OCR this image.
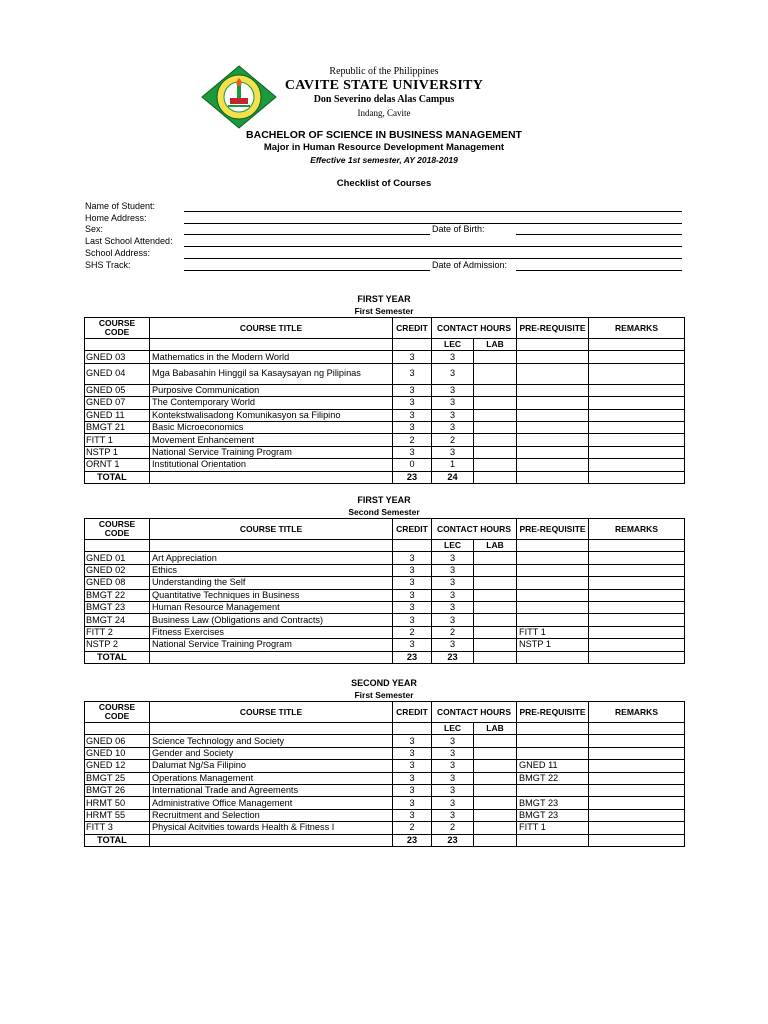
Republic of the Philippines
CAVITE STATE UNIVERSITY
Don Severino delas Alas Campus
Indang, Cavite
BACHELOR OF SCIENCE IN BUSINESS MANAGEMENT
Major in Human Resource Development Management
Effective 1st semester, AY 2018-2019
Checklist of Courses
Name of Student:
Home Address:
Sex:	Date of Birth:
Last School Attended:
School Address:
SHS Track:	Date of Admission:
FIRST YEAR
First Semester
COURSE CODE	COURSE TITLE	CREDIT	CONTACT HOURS		PRE-REQUISITE	REMARKS
			LEC	LAB		
GNED 03	Mathematics in the Modern World	3	3			
GNED 04	Mga Babasahin Hinggil sa Kasaysayan ng Pilipinas	3	3			
GNED 05	Purposive Communication	3	3			
GNED 07	The Contemporary World	3	3			
GNED 11	Kontekstwalisadong Komunikasyon sa Filipino	3	3			
BMGT 21	Basic Microeconomics	3	3			
FITT 1	Movement Enhancement	2	2			
NSTP 1	National Service Training Program	3	3			
ORNT 1	Institutional Orientation	0	1			
TOTAL		23	24			
FIRST YEAR
Second Semester
COURSE CODE	COURSE TITLE	CREDIT	CONTACT HOURS		PRE-REQUISITE	REMARKS
			LEC	LAB		
GNED 01	Art Appreciation	3	3			
GNED 02	Ethics	3	3			
GNED 08	Understanding the Self	3	3			
BMGT 22	Quantitative Techniques in Business	3	3			
BMGT 23	Human Resource Management	3	3			
BMGT 24	Business Law (Obligations and Contracts)	3	3			
FITT 2	Fitness Exercises	2	2		FITT 1	
NSTP 2	National Service Training Program	3	3		NSTP 1	
TOTAL		23	23			
SECOND YEAR
First Semester
COURSE CODE	COURSE TITLE	CREDIT	CONTACT HOURS		PRE-REQUISITE	REMARKS
			LEC	LAB		
GNED 06	Science Technology and Society	3	3			
GNED 10	Gender and Society	3	3			
GNED 12	Dalumat Ng/Sa Filipino	3	3		GNED 11	
BMGT 25	Operations Management	3	3		BMGT 22	
BMGT 26	International Trade and Agreements	3	3			
HRMT 50	Administrative Office Management	3	3		BMGT 23	
HRMT 55	Recruitment and Selection	3	3		BMGT 23	
FITT 3	Physical Acitvities towards Health & Fitness I	2	2		FITT 1	
TOTAL		23	23			
